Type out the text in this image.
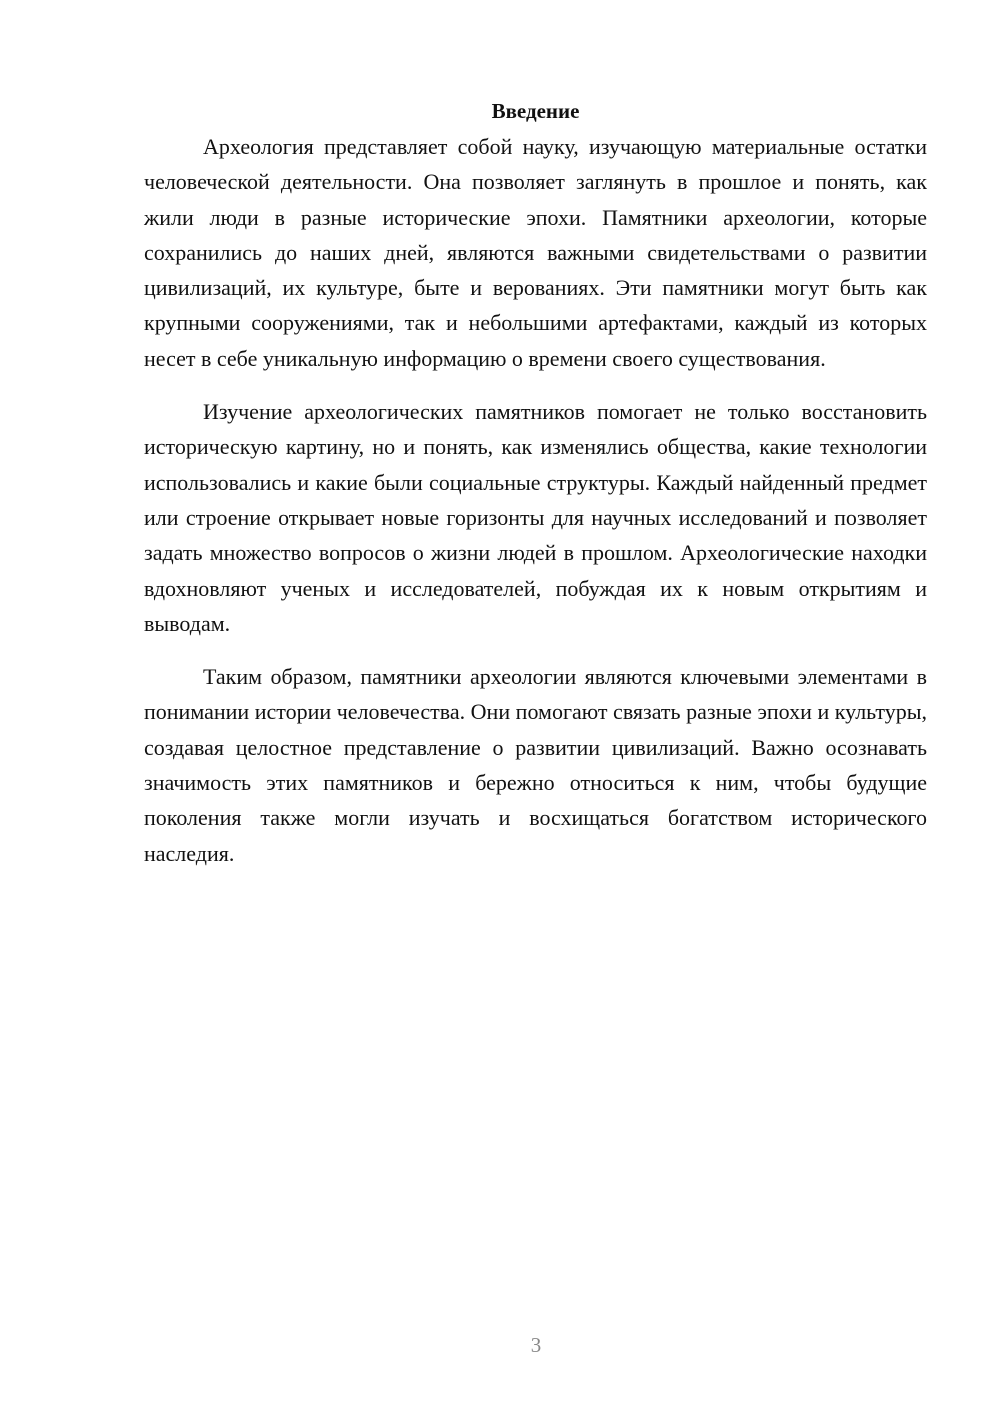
Введение

Археология представляет собой науку, изучающую материальные остатки человеческой деятельности. Она позволяет заглянуть в прошлое и понять, как жили люди в разные исторические эпохи. Памятники археологии, которые сохранились до наших дней, являются важными свидетельствами о развитии цивилизаций, их культуре, быте и верованиях. Эти памятники могут быть как крупными сооружениями, так и небольшими артефактами, каждый из которых несет в себе уникальную информацию о времени своего существования.

Изучение археологических памятников помогает не только восстановить историческую картину, но и понять, как изменялись общества, какие технологии использовались и какие были социальные структуры. Каждый найденный предмет или строение открывает новые горизонты для научных исследований и позволяет задать множество вопросов о жизни людей в прошлом. Археологические находки вдохновляют ученых и исследователей, побуждая их к новым открытиям и выводам.

Таким образом, памятники археологии являются ключевыми элементами в понимании истории человечества. Они помогают связать разные эпохи и культуры, создавая целостное представление о развитии цивилизаций. Важно осознавать значимость этих памятников и бережно относиться к ним, чтобы будущие поколения также могли изучать и восхищаться богатством исторического наследия.

3
